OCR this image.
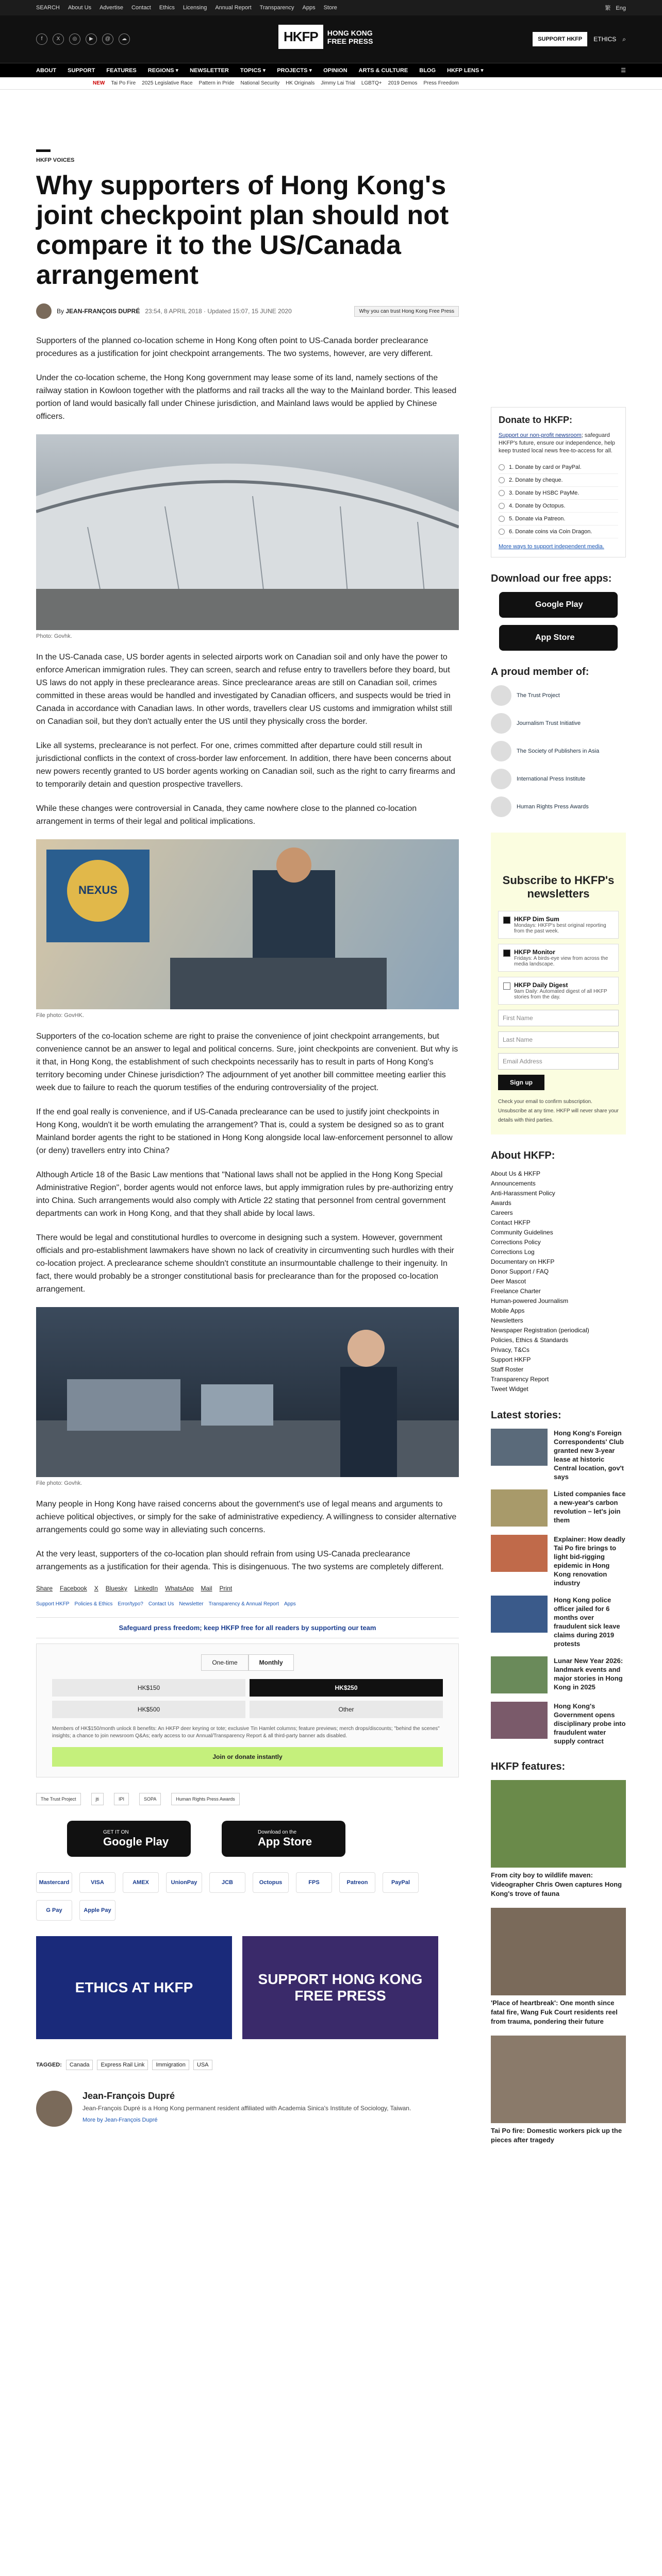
SEARCH About Us Advertise Contact Ethics Licensing Annual Report Transparency Apps Store	繁 Eng
f	X	◎	▶	@	☁	HKFP	HONG KONG FREE PRESS	SUPPORT HKFP	ETHICS ⌕
ABOUT SUPPORT FEATURES REGIONS ▾ NEWSLETTER TOPICS ▾ PROJECTS ▾ OPINION ARTS & CULTURE BLOG HKFP LENS ▾	☰
NEW Tai Po Fire 2025 Legislative Race Pattern in Pride National Security HK Originals Jimmy Lai Trial LGBTQ+ 2019 Demos Press Freedom
HKFP VOICES
Why supporters of Hong Kong's joint checkpoint plan should not compare it to the US/Canada arrangement
By JEAN-FRANÇOIS DUPRÉ 23:54, 8 APRIL 2018 · Updated 15:07, 15 JUNE 2020	Why you can trust Hong Kong Free Press

Supporters of the planned co-location scheme in Hong Kong often point to US-Canada border preclearance procedures as a justification for joint checkpoint arrangements. The two systems, however, are very different.

Under the co-location scheme, the Hong Kong government may lease some of its land, namely sections of the railway station in Kowloon together with the platforms and rail tracks all the way to the Mainland border. This leased portion of land would basically fall under Chinese jurisdiction, and Mainland laws would be applied by Chinese officers.

Photo: Govhk.

In the US-Canada case, US border agents in selected airports work on Canadian soil and only have the power to enforce American immigration rules. They can screen, search and refuse entry to travellers before they board, but US laws do not apply in these preclearance areas. Since preclearance areas are still on Canadian soil, crimes committed in these areas would be handled and investigated by Canadian officers, and suspects would be tried in Canada in accordance with Canadian laws. In other words, travellers clear US customs and immigration whilst still on Canadian soil, but they don't actually enter the US until they physically cross the border.

Like all systems, preclearance is not perfect. For one, crimes committed after departure could still result in jurisdictional conflicts in the context of cross-border law enforcement. In addition, there have been concerns about new powers recently granted to US border agents working on Canadian soil, such as the right to carry firearms and to temporarily detain and question prospective travellers.

While these changes were controversial in Canada, they came nowhere close to the planned co-location arrangement in terms of their legal and political implications.

NEXUS
File photo: GovHK.

Supporters of the co-location scheme are right to praise the convenience of joint checkpoint arrangements, but convenience cannot be an answer to legal and political concerns. Sure, joint checkpoints are convenient. But why is it that, in Hong Kong, the establishment of such checkpoints necessarily has to result in parts of Hong Kong's territory becoming under Chinese jurisdiction? The adjournment of yet another bill committee meeting earlier this week due to failure to reach the quorum testifies of the enduring controversiality of the project.

If the end goal really is convenience, and if US-Canada preclearance can be used to justify joint checkpoints in Hong Kong, wouldn't it be worth emulating the arrangement? That is, could a system be designed so as to grant Mainland border agents the right to be stationed in Hong Kong alongside local law-enforcement personnel to allow (or deny) travellers entry into China?

Although Article 18 of the Basic Law mentions that "National laws shall not be applied in the Hong Kong Special Administrative Region", border agents would not enforce laws, but apply immigration rules by pre-authorizing entry into China. Such arrangements would also comply with Article 22 stating that personnel from central government departments can work in Hong Kong, and that they shall abide by local laws.

There would be legal and constitutional hurdles to overcome in designing such a system. However, government officials and pro-establishment lawmakers have shown no lack of creativity in circumventing such hurdles with their co-location project. A preclearance scheme shouldn't constitute an insurmountable challenge to their ingenuity. In fact, there would probably be a stronger constitutional basis for preclearance than for the proposed co-location arrangement.

File photo: Govhk.

Many people in Hong Kong have raised concerns about the government's use of legal means and arguments to achieve political objectives, or simply for the sake of administrative expediency. A willingness to consider alternative arrangements could go some way in alleviating such concerns.

At the very least, supporters of the co-location plan should refrain from using US-Canada preclearance arrangements as a justification for their agenda. This is disingenuous. The two systems are completely different.

Share Facebook X Bluesky LinkedIn WhatsApp Mail Print
Support HKFP Policies & Ethics Error/typo? Contact Us Newsletter Transparency & Annual Report Apps
Safeguard press freedom; keep HKFP free for all readers by supporting our team
One-time	Monthly
HK$150	HK$250
HK$500	Other
Members of HK$150/month unlock 8 benefits: An HKFP deer keyring or tote; exclusive Tin Hamlet columns; feature previews; merch drops/discounts; "behind the scenes" insights; a chance to join newsroom Q&As; early access to our Annual/Transparency Report & all third-party banner ads disabled.
Join or donate instantly
The Trust Project	jti	IPI	SOPA	Human Rights Press Awards
GET IT ON
Google Play
Download on the
App Store
Mastercard	VISA	AMEX	UnionPay	JCB	Octopus	FPS	Patreon	PayPal
G Pay	Apple Pay
ETHICS AT HKFP
SUPPORT HONG KONG FREE PRESS
TAGGED:	Canada	Express Rail Link	Immigration	USA
Jean-François Dupré

Jean-François Dupré is a Hong Kong permanent resident affiliated with Academia Sinica's Institute of Sociology, Taiwan.

More by Jean-François Dupré
Donate to HKFP:
Support our non-profit newsroom; safeguard HKFP's future, ensure our independence, help keep trusted local news free-to-access for all.
1. Donate by card or PayPal.
2. Donate by cheque.
3. Donate by HSBC PayMe.
4. Donate by Octopus.
5. Donate via Patreon.
6. Donate coins via Coin Dragon.
More ways to support independent media.
Download our free apps:
Google Play
App Store
A proud member of:
The Trust Project
Journalism Trust Initiative
The Society of Publishers in Asia
International Press Institute
Human Rights Press Awards
Subscribe to HKFP's newsletters
HKFP Dim Sum
Mondays: HKFP's best original reporting from the past week.
HKFP Monitor
Fridays: A birds-eye view from across the media landscape.
HKFP Daily Digest
9am Daily: Automated digest of all HKFP stories from the day.
First Name
Last Name
Email Address
Sign up
Check your email to confirm subscription. Unsubscribe at any time. HKFP will never share your details with third parties.
About HKFP:
About Us & HKFP
Announcements
Anti-Harassment Policy
Awards
Careers
Contact HKFP
Community Guidelines
Corrections Policy
Corrections Log
Documentary on HKFP
Donor Support / FAQ
Deer Mascot
Freelance Charter
Human-powered Journalism
Mobile Apps
Newsletters
Newspaper Registration (periodical)
Policies, Ethics & Standards
Privacy, T&Cs
Support HKFP
Staff Roster
Transparency Report
Tweet Widget
Latest stories:
Hong Kong's Foreign Correspondents' Club granted new 3-year lease at historic Central location, gov't says
Listed companies face a new-year's carbon revolution – let's join them
Explainer: How deadly Tai Po fire brings to light bid-rigging epidemic in Hong Kong renovation industry
Hong Kong police officer jailed for 6 months over fraudulent sick leave claims during 2019 protests
Lunar New Year 2026: landmark events and major stories in Hong Kong in 2025
Hong Kong's Government opens disciplinary probe into fraudulent water supply contract
HKFP features:
From city boy to wildlife maven: Videographer Chris Owen captures Hong Kong's trove of fauna
'Place of heartbreak': One month since fatal fire, Wang Fuk Court residents reel from trauma, pondering their future
Tai Po fire: Domestic workers pick up the pieces after tragedy
